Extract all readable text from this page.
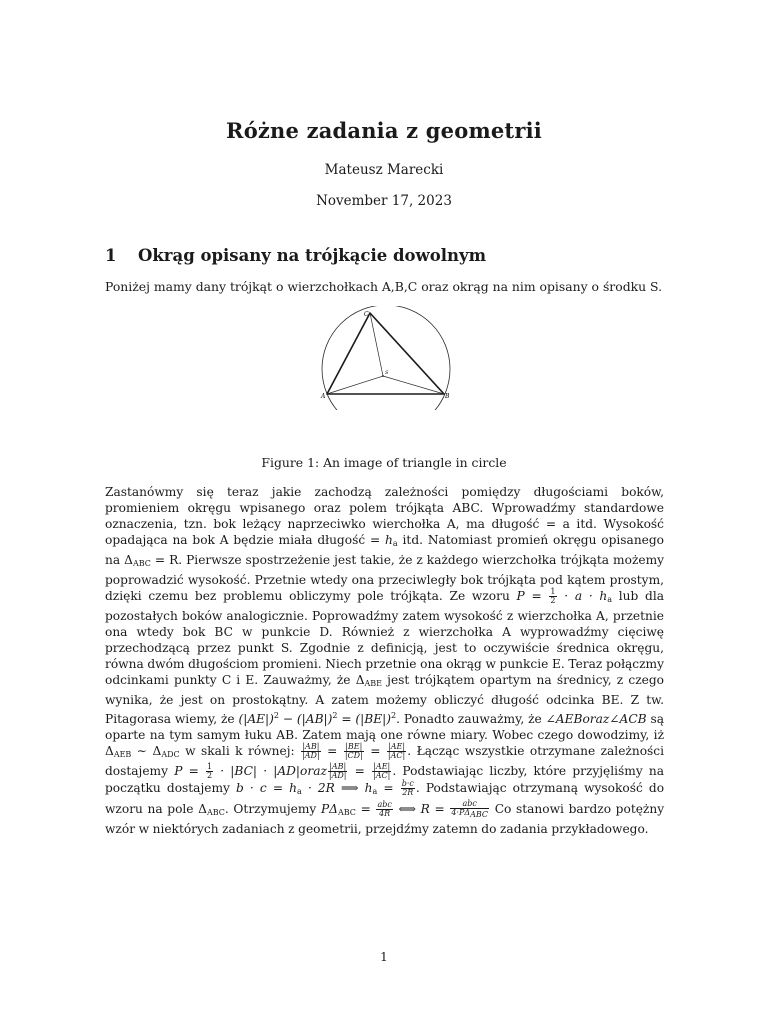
Różne zadania z geometrii
Mateusz Marecki
November 17, 2023
1 Okrąg opisany na trójkącie dowolnym
Poniżej mamy dany trójkąt o wierzchołkach A,B,C oraz okrąg na nim opisany o środku S.
C
A	B
S
Figure 1: An image of triangle in circle
Zastanówmy się teraz jakie zachodzą zależności pomiędzy długościami boków, promieniem okręgu wpisanego oraz polem trójkąta ABC. Wprowadźmy standardowe oznaczenia, tzn. bok leżący naprzeciwko wierchołka A, ma długość = a itd. Wysokość opadająca na bok A będzie miała długość = $h_a$ itd. Natomiast promień okręgu opisanego na $\Delta_{ABC} = R$. Pierwsze spostrzeżenie jest takie, że z każdego wierzchołka trójkąta możemy poprowadzić wysokość. Przetnie wtedy ona przeciwległy bok trójkąta pod kątem prostym, dzięki czemu bez problemu obliczymy pole trójkąta. Ze wzoru $P = \frac{1}{2} \cdot a \cdot h_a$ lub dla pozostałych boków analogicznie. Poprowadźmy zatem wysokość z wierzchołka A, przetnie ona wtedy bok BC w punkcie D. Również z wierzchołka A wyprowadźmy cięciwę przechodzącą przez punkt S. Zgodnie z definicją, jest to oczywiście średnica okręgu, równa dwóm długościom promieni. Niech przetnie ona okrąg w punkcie E. Teraz połączmy odcinkami punkty C i E. Zauważmy, że $\Delta_{ABE}$ jest trójkątem opartym na średnicy, z czego wynika, że jest on prostokątny. A zatem możemy obliczyć długość odcinka BE. Z tw. Pitagorasa wiemy, że $(|AE|)^2 - (|AB|)^2 = (|BE|)^2$. Ponadto zauważmy, że ∠AEBoraz∠ACB są oparte na tym samym łuku AB. Zatem mają one równe miary. Wobec czego dowodzimy, iż $\Delta_{AEB}$ ∼ $\Delta_{ADC}$ w skali k równej: $\frac{|AB|}{|AD|} = \frac{|BE|}{|CD|} = \frac{|AE|}{|AC|}$ . Łącząc wszystkie otrzymane zależności dostajemy $P = \frac{1}{2} \cdot |BC|$ · |AD|oraz $\frac{|AB|}{|AD|} = \frac{|AE|}{|AC|}$ . Podstawiając liczby, które przyjęliśmy na początku dostajemy $b \cdot c = h_a \cdot 2R$ ⟹ $h_a = \frac{b\cdot c}{2R}$ . Podstawiając otrzymaną wysokość do wzoru na pole $\Delta_{ABC}$. Otrzymujemy $P\Delta_{ABC} = \frac{\text{abc}}{4R}$ ⟺ $R = \frac{\text{abc}}{4\cdot P\Delta_{ABC}}$ Co stanowi bardzo potężny wzór w niektórych zadaniach z geometrii, przejdźmy zatemn do zadania przykładowego.
1
